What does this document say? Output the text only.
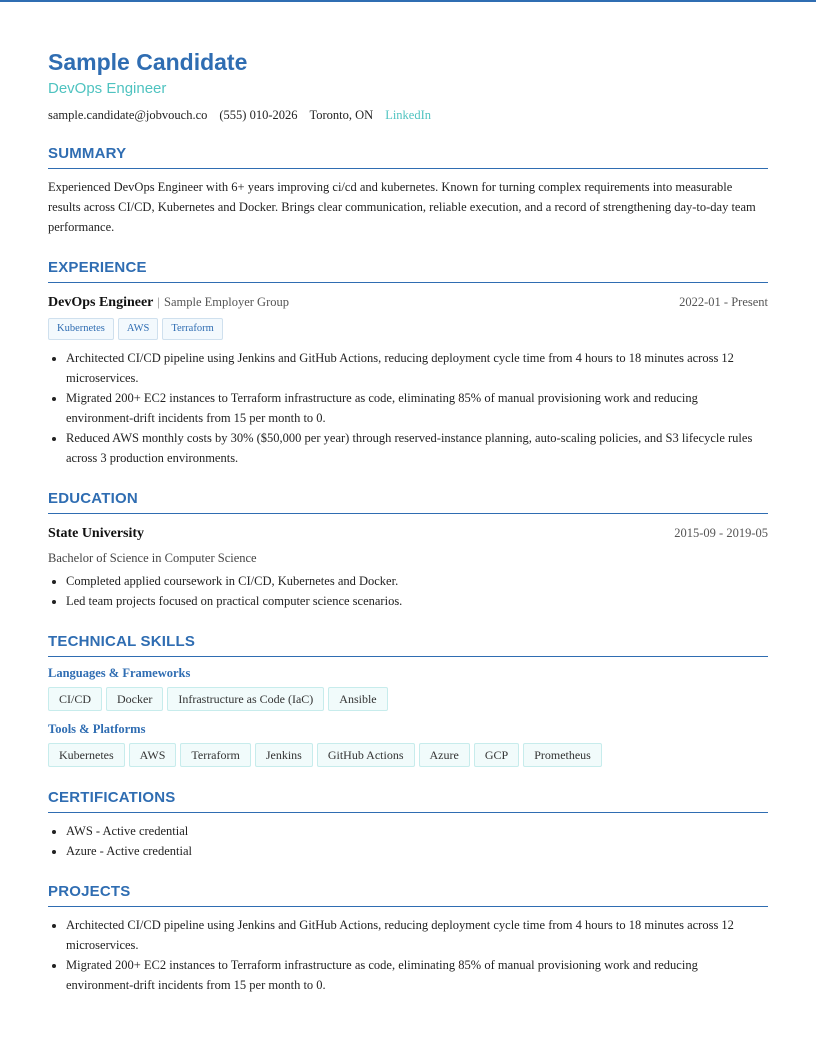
Sample Candidate
DevOps Engineer
sample.candidate@jobvouch.co (555) 010-2026 Toronto, ON LinkedIn
SUMMARY
Experienced DevOps Engineer with 6+ years improving ci/cd and kubernetes. Known for turning complex requirements into measurable results across CI/CD, Kubernetes and Docker. Brings clear communication, reliable execution, and a record of strengthening day-to-day team performance.
EXPERIENCE
DevOps Engineer | Sample Employer Group	2022-01 - Present
Kubernetes	AWS	Terraform
• Architected CI/CD pipeline using Jenkins and GitHub Actions, reducing deployment cycle time from 4 hours to 18 minutes across 12 microservices.
• Migrated 200+ EC2 instances to Terraform infrastructure as code, eliminating 85% of manual provisioning work and reducing environment-drift incidents from 15 per month to 0.
• Reduced AWS monthly costs by 30% ($50,000 per year) through reserved-instance planning, auto-scaling policies, and S3 lifecycle rules across 3 production environments.
EDUCATION
State University	2015-09 - 2019-05
Bachelor of Science in Computer Science
• Completed applied coursework in CI/CD, Kubernetes and Docker.
• Led team projects focused on practical computer science scenarios.
TECHNICAL SKILLS
Languages & Frameworks
CI/CD	Docker	Infrastructure as Code (IaC)	Ansible
Tools & Platforms
Kubernetes	AWS	Terraform	Jenkins	GitHub Actions	Azure	GCP	Prometheus
CERTIFICATIONS
• AWS - Active credential
• Azure - Active credential
PROJECTS
• Architected CI/CD pipeline using Jenkins and GitHub Actions, reducing deployment cycle time from 4 hours to 18 minutes across 12 microservices.
• Migrated 200+ EC2 instances to Terraform infrastructure as code, eliminating 85% of manual provisioning work and reducing environment-drift incidents from 15 per month to 0.
